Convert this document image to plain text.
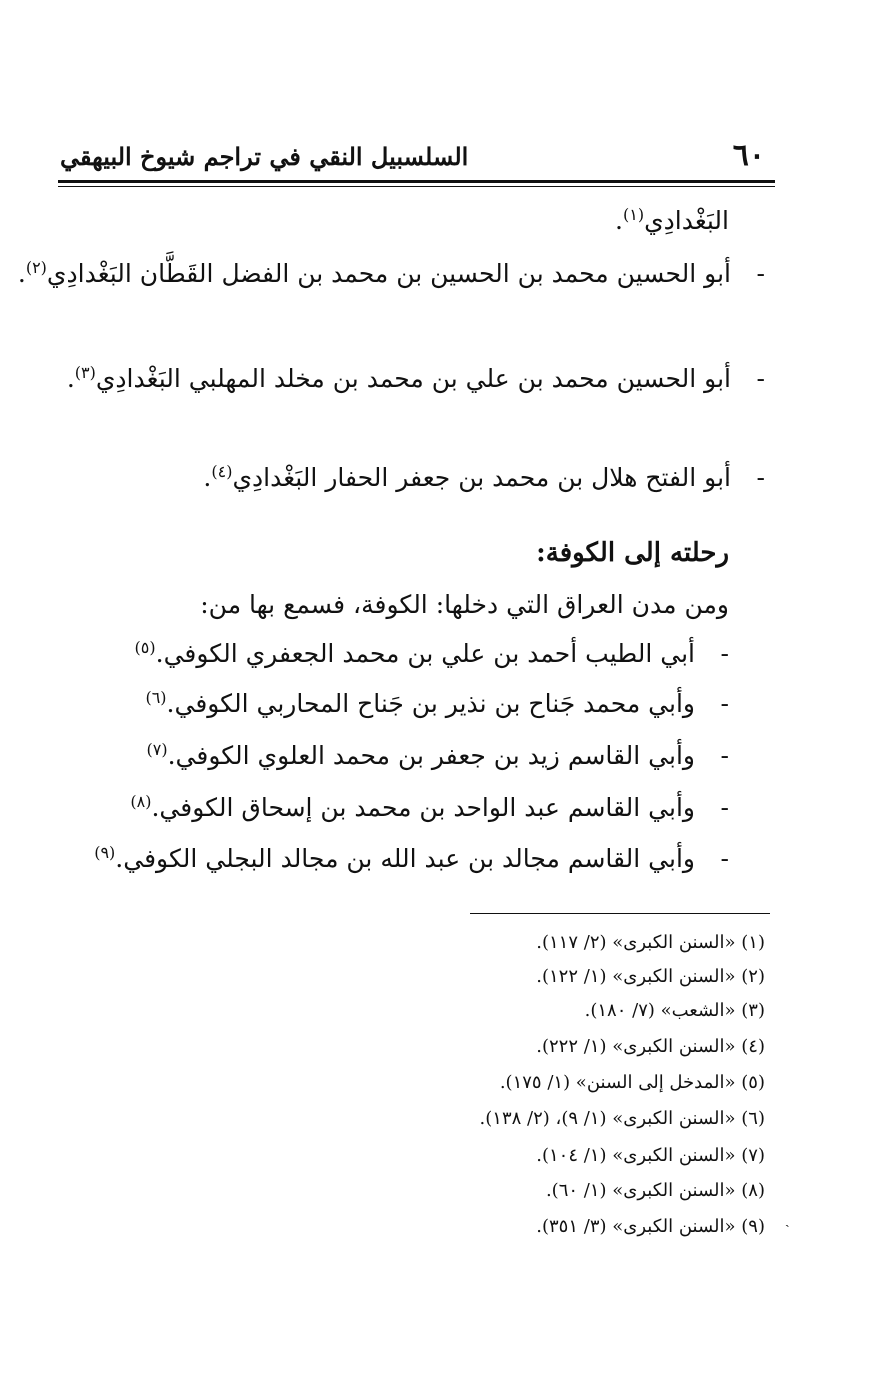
٦٠
السلسبيل النقي في تراجم شيوخ البيهقي
البَغْدادِي$^{(١)}$.
-أبو الحسين محمد بن الحسين بن محمد بن الفضل القَطَّان البَغْدادِي$^{(٢)}$.
-أبو الحسين محمد بن علي بن محمد بن مخلد المهلبي البَغْدادِي$^{(٣)}$.
-أبو الفتح هلال بن محمد بن جعفر الحفار البَغْدادِي$^{(٤)}$.
رحلته إلى الكوفة:
ومن مدن العراق التي دخلها: الكوفة، فسمع بها من:
-أبي الطيب أحمد بن علي بن محمد الجعفري الكوفي.$^{(٥)}$
-وأبي محمد جَناح بن نذير بن جَناح المحاربي الكوفي.$^{(٦)}$
-وأبي القاسم زيد بن جعفر بن محمد العلوي الكوفي.$^{(٧)}$
-وأبي القاسم عبد الواحد بن محمد بن إسحاق الكوفي.$^{(٨)}$
-وأبي القاسم مجالد بن عبد الله بن مجالد البجلي الكوفي.$^{(٩)}$
(١) «السنن الكبرى» (٢/ ١١٧).
(٢) «السنن الكبرى» (١/ ١٢٢).
(٣) «الشعب» (٧/ ١٨٠).
(٤) «السنن الكبرى» (١/ ٢٢٢).
(٥) «المدخل إلى السنن» (١/ ١٧٥).
(٦) «السنن الكبرى» (١/ ٩)، (٢/ ١٣٨).
(٧) «السنن الكبرى» (١/ ١٠٤).
(٨) «السنن الكبرى» (١/ ٦٠).
(٩) «السنن الكبرى» (٣/ ٣٥١). ˏ
